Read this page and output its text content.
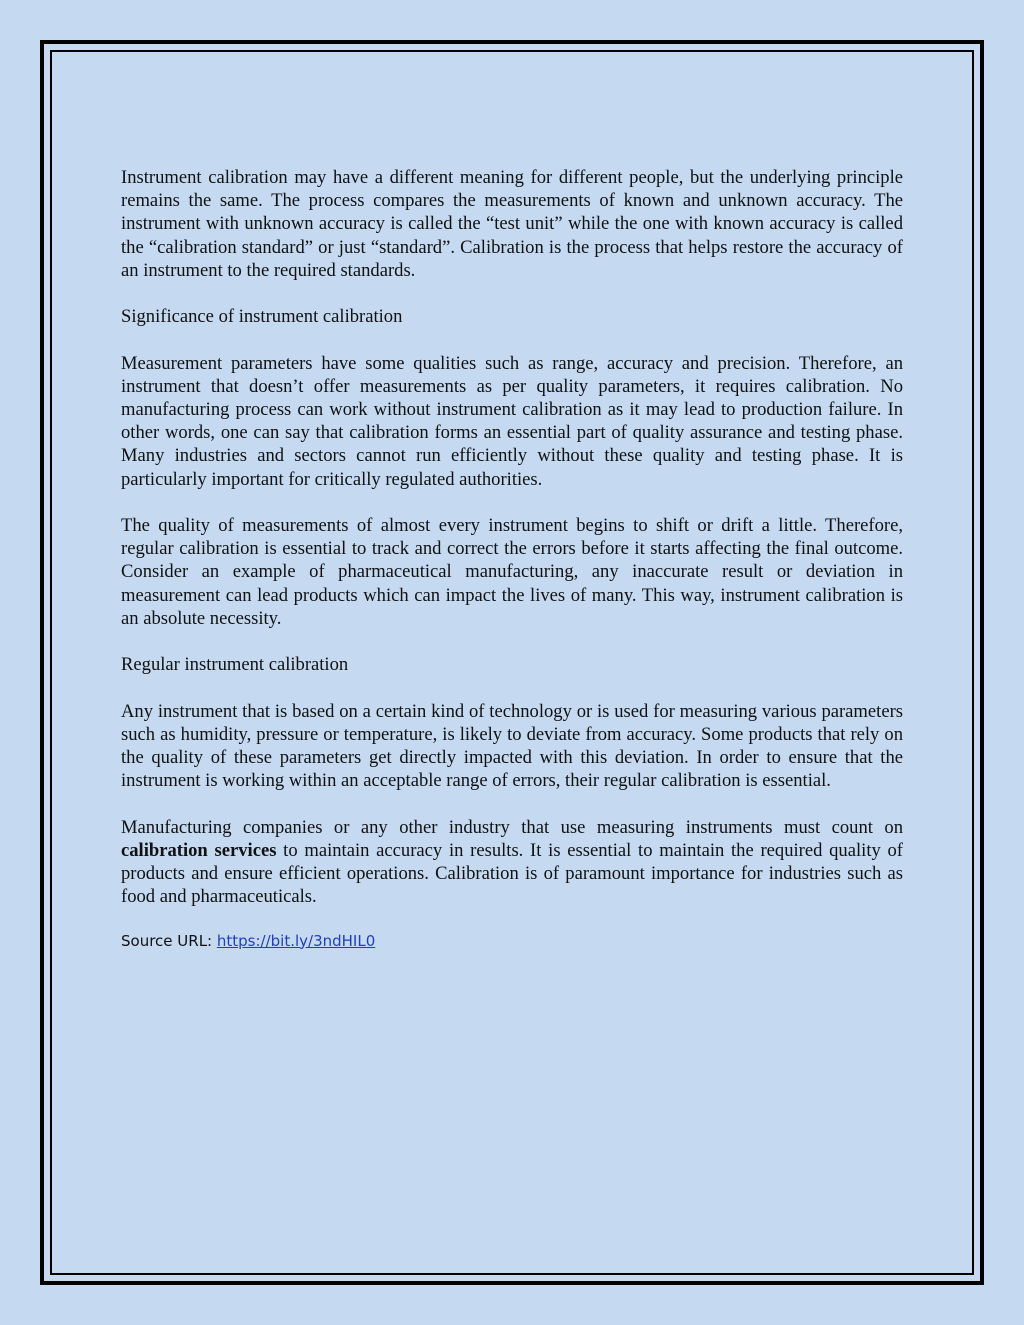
Instrument calibration may have a different meaning for different people, but the underlying principle remains the same. The process compares the measurements of known and unknown accuracy. The instrument with unknown accuracy is called the “test unit” while the one with known accuracy is called the “calibration standard” or just “standard”. Calibration is the process that helps restore the accuracy of an instrument to the required standards.

Significance of instrument calibration

Measurement parameters have some qualities such as range, accuracy and precision. Therefore, an instrument that doesn’t offer measurements as per quality parameters, it requires calibration. No manufacturing process can work without instrument calibration as it may lead to production failure. In other words, one can say that calibration forms an essential part of quality assurance and testing phase. Many industries and sectors cannot run efficiently without these quality and testing phase. It is particularly important for critically regulated authorities.

The quality of measurements of almost every instrument begins to shift or drift a little. Therefore, regular calibration is essential to track and correct the errors before it starts affecting the final outcome. Consider an example of pharmaceutical manufacturing, any inaccurate result or deviation in measurement can lead products which can impact the lives of many. This way, instrument calibration is an absolute necessity.

Regular instrument calibration

Any instrument that is based on a certain kind of technology or is used for measuring various parameters such as humidity, pressure or temperature, is likely to deviate from accuracy. Some products that rely on the quality of these parameters get directly impacted with this deviation. In order to ensure that the instrument is working within an acceptable range of errors, their regular calibration is essential.

Manufacturing companies or any other industry that use measuring instruments must count on calibration services to maintain accuracy in results. It is essential to maintain the required quality of products and ensure efficient operations. Calibration is of paramount importance for industries such as food and pharmaceuticals.

Source URL: https://bit.ly/3ndHIL0
